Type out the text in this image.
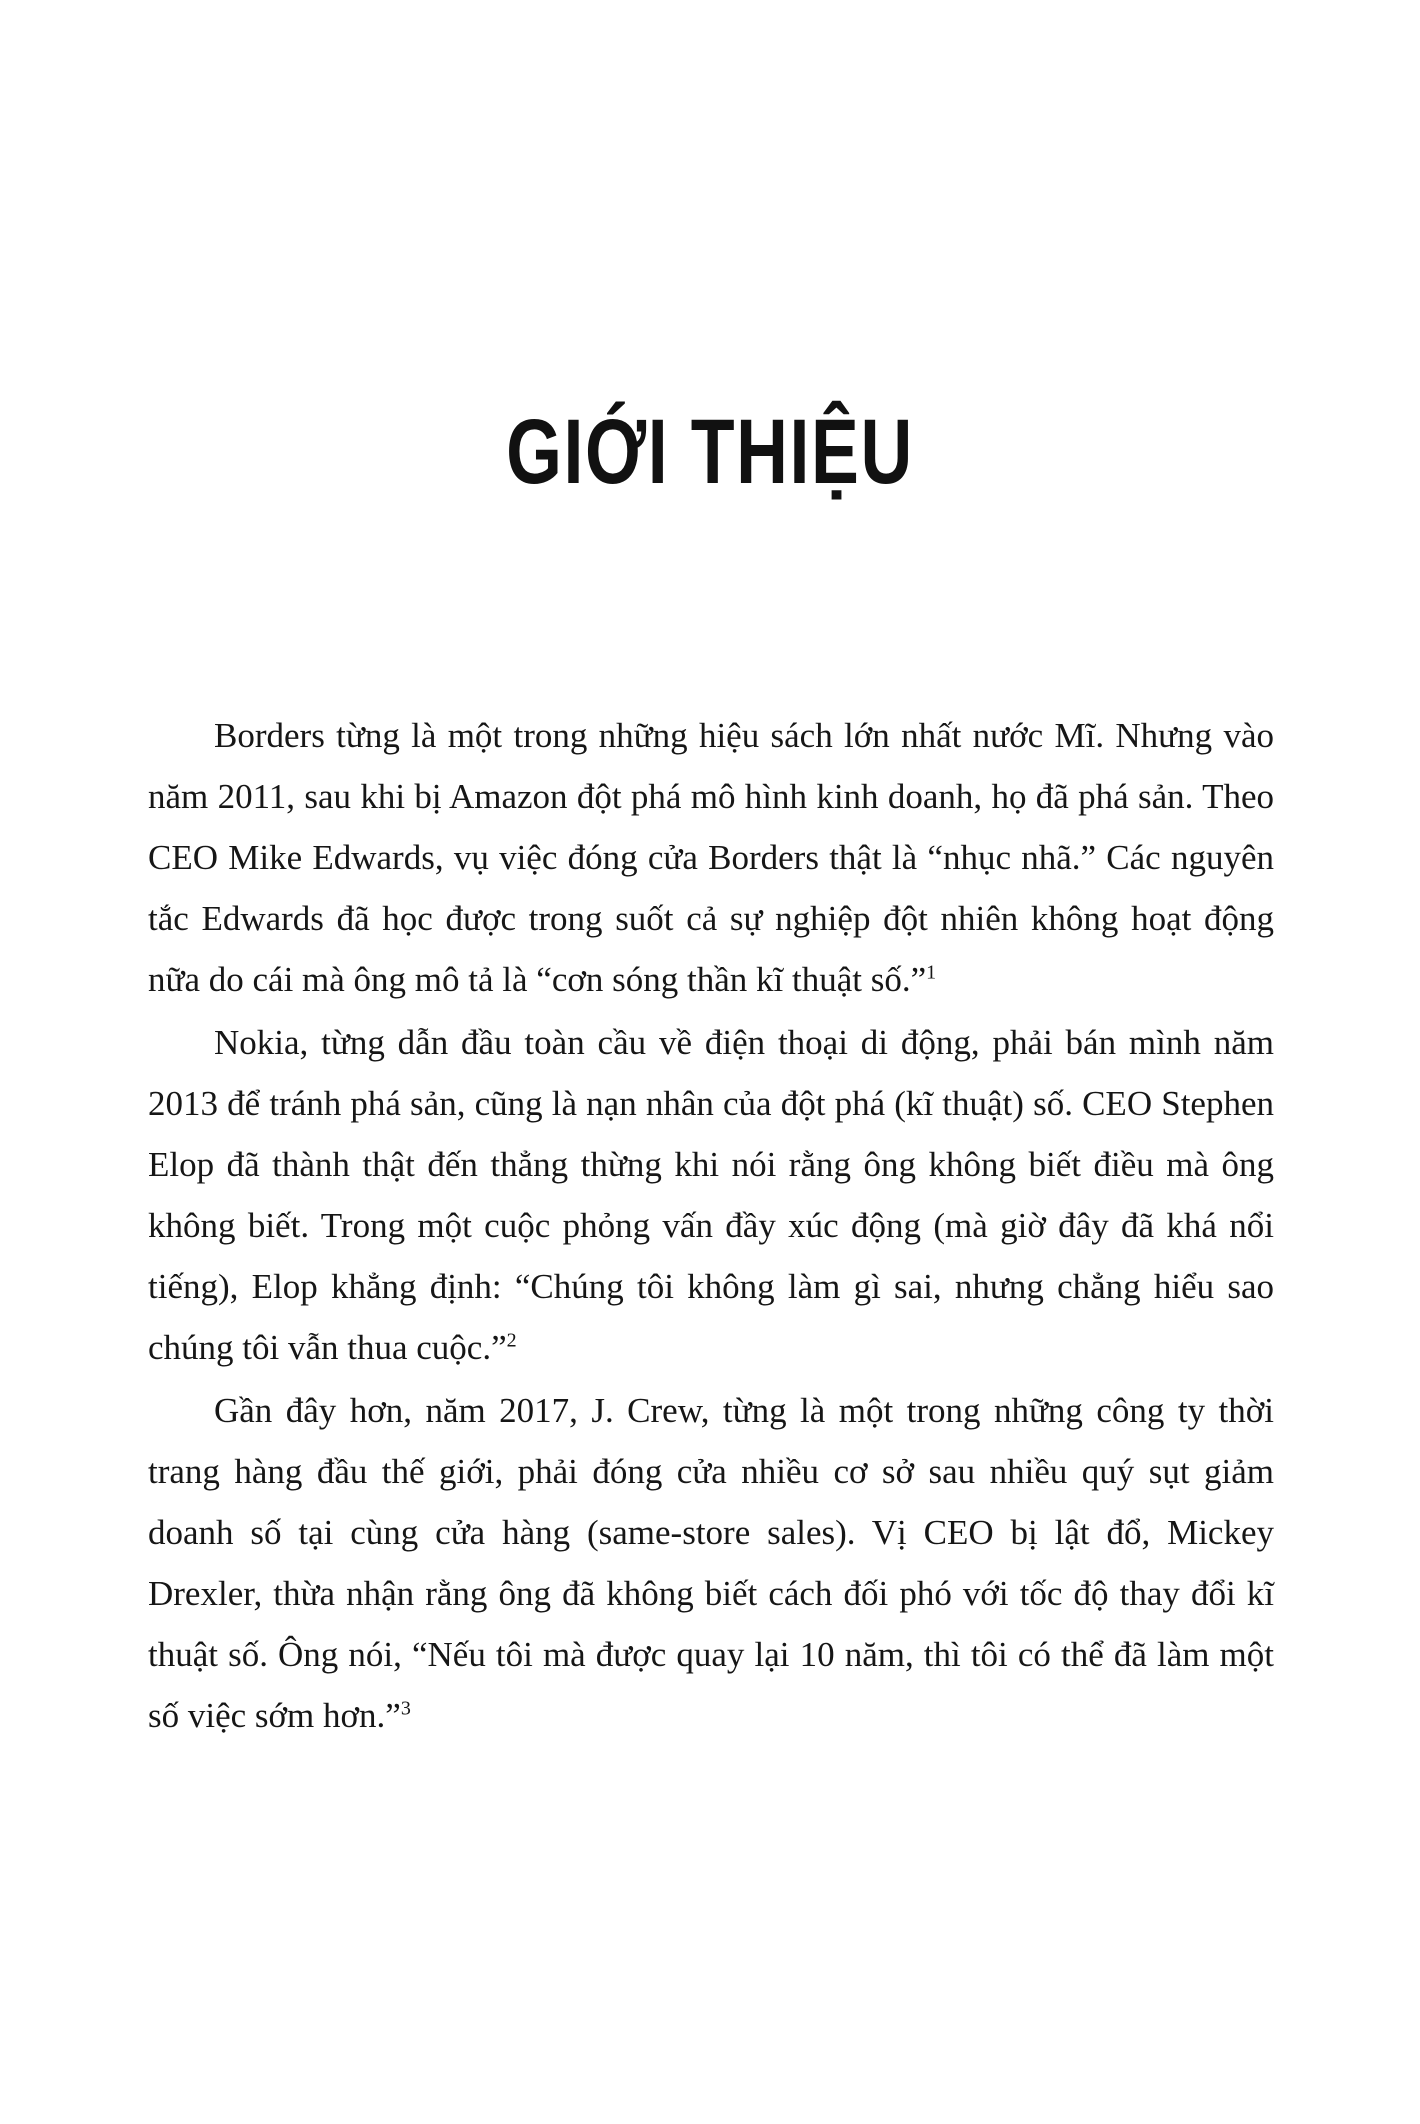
GIỚI THIỆU

Borders từng là một trong những hiệu sách lớn nhất nước Mĩ. Nhưng vào năm 2011, sau khi bị Amazon đột phá mô hình kinh doanh, họ đã phá sản. Theo CEO Mike Edwards, vụ việc đóng cửa Borders thật là “nhục nhã.” Các nguyên tắc Edwards đã học được trong suốt cả sự nghiệp đột nhiên không hoạt động nữa do cái mà ông mô tả là “cơn sóng thần kĩ thuật số.”$^1$

Nokia, từng dẫn đầu toàn cầu về điện thoại di động, phải bán mình năm 2013 để tránh phá sản, cũng là nạn nhân của đột phá (kĩ thuật) số. CEO Stephen Elop đã thành thật đến thẳng thừng khi nói rằng ông không biết điều mà ông không biết. Trong một cuộc phỏng vấn đầy xúc động (mà giờ đây đã khá nổi tiếng), Elop khẳng định: “Chúng tôi không làm gì sai, nhưng chẳng hiểu sao chúng tôi vẫn thua cuộc.”$^2$

Gần đây hơn, năm 2017, J. Crew, từng là một trong những công ty thời trang hàng đầu thế giới, phải đóng cửa nhiều cơ sở sau nhiều quý sụt giảm doanh số tại cùng cửa hàng (same-store sales). Vị CEO bị lật đổ, Mickey Drexler, thừa nhận rằng ông đã không biết cách đối phó với tốc độ thay đổi kĩ thuật số. Ông nói, “Nếu tôi mà được quay lại 10 năm, thì tôi có thể đã làm một số việc sớm hơn.”$^3$
